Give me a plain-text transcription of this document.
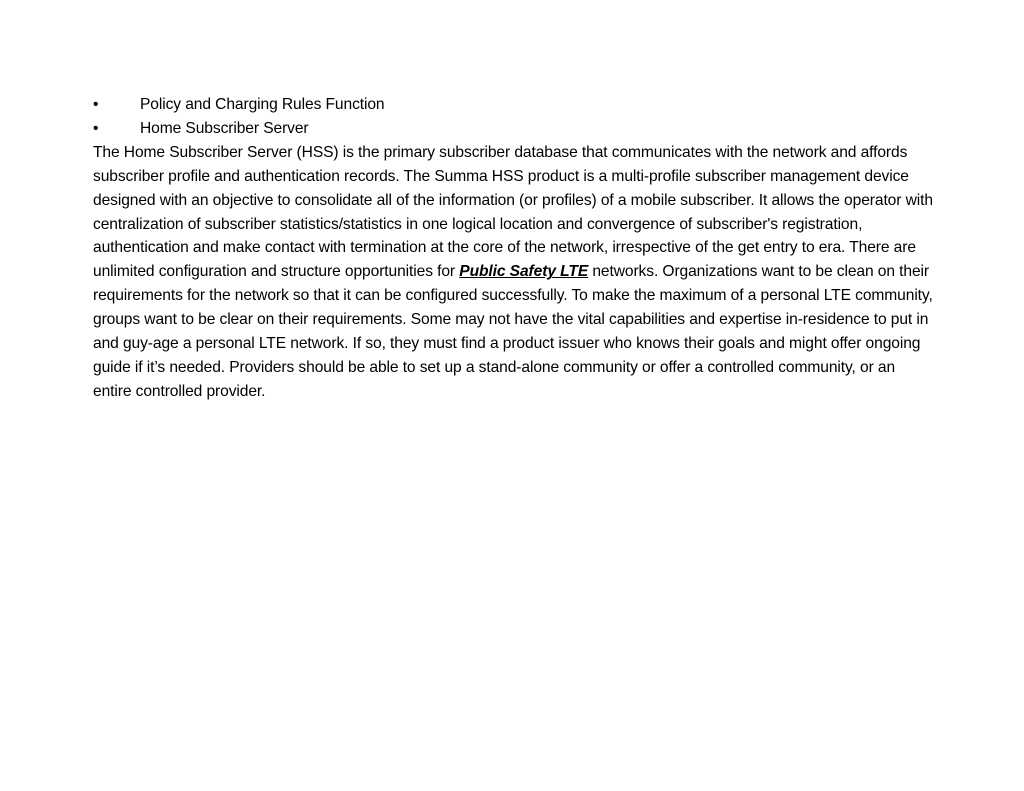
•	Policy and Charging Rules Function
•	Home Subscriber Server

The Home Subscriber Server (HSS) is the primary subscriber database that communicates with the network and affords subscriber profile and authentication records. The Summa HSS product is a multi-profile subscriber management device designed with an objective to consolidate all of the information (or profiles) of a mobile subscriber. It allows the operator with centralization of subscriber statistics/statistics in one logical location and convergence of subscriber's registration, authentication and make contact with termination at the core of the network, irrespective of the get entry to era. There are unlimited configuration and structure opportunities for Public Safety LTE networks. Organizations want to be clean on their requirements for the network so that it can be configured successfully. To make the maximum of a personal LTE community, groups want to be clear on their requirements. Some may not have the vital capabilities and expertise in-residence to put in and guy-age a personal LTE network. If so, they must find a product issuer who knows their goals and might offer ongoing guide if it’s needed. Providers should be able to set up a stand-alone community or offer a controlled community, or an entire controlled provider.
